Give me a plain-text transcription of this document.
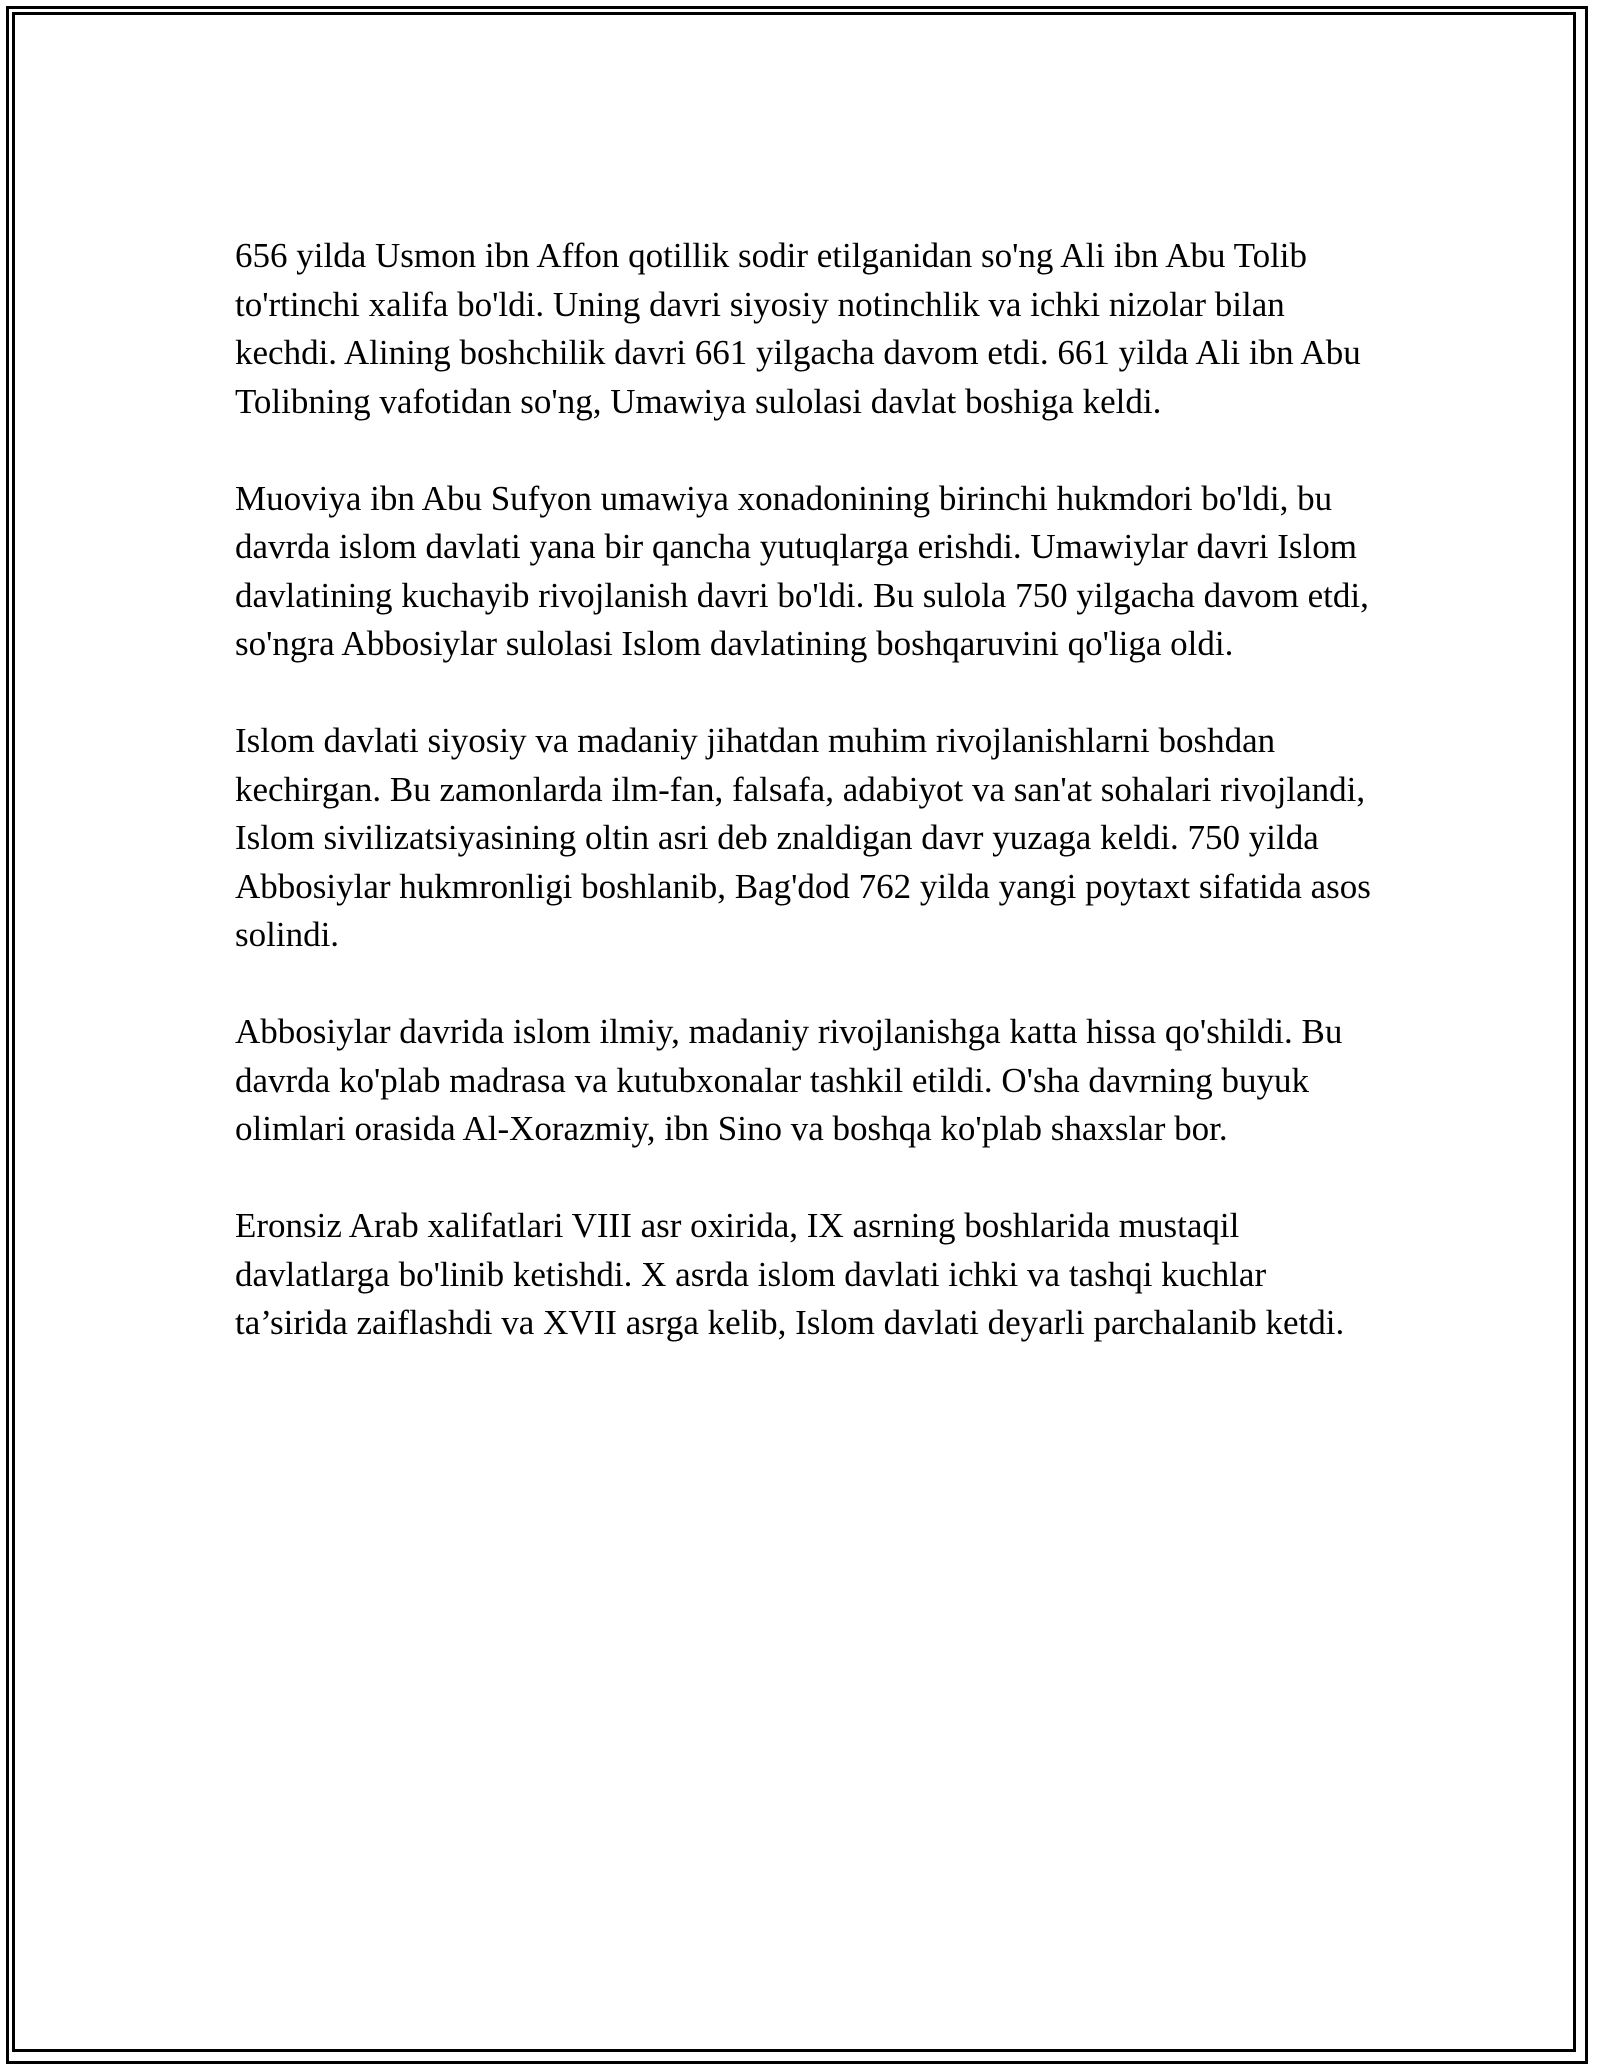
656 yilda Usmon ibn Affon qotillik sodir etilganidan so'ng Ali ibn Abu Tolib to'rtinchi xalifa bo'ldi. Uning davri siyosiy notinchlik va ichki nizolar bilan kechdi. Alining boshchilik davri 661 yilgacha davom etdi. 661 yilda Ali ibn Abu Tolibning vafotidan so'ng, Umawiya sulolasi davlat boshiga keldi.

Muoviya ibn Abu Sufyon umawiya xonadonining birinchi hukmdori bo'ldi, bu davrda islom davlati yana bir qancha yutuqlarga erishdi. Umawiylar davri Islom davlatining kuchayib rivojlanish davri bo'ldi. Bu sulola 750 yilgacha davom etdi, so'ngra Abbosiylar sulolasi Islom davlatining boshqaruvini qo'liga oldi.

Islom davlati siyosiy va madaniy jihatdan muhim rivojlanishlarni boshdan kechirgan. Bu zamonlarda ilm-fan, falsafa, adabiyot va san'at sohalari rivojlandi, Islom sivilizatsiyasining oltin asri deb znaldigan davr yuzaga keldi. 750 yilda Abbosiylar hukmronligi boshlanib, Bag'dod 762 yilda yangi poytaxt sifatida asos solindi.

Abbosiylar davrida islom ilmiy, madaniy rivojlanishga katta hissa qo'shildi. Bu davrda ko'plab madrasa va kutubxonalar tashkil etildi. O'sha davrning buyuk olimlari orasida Al-Xorazmiy, ibn Sino va boshqa ko'plab shaxslar bor.

Eronsiz Arab xalifatlari VIII asr oxirida, IX asrning boshlarida mustaqil davlatlarga bo'linib ketishdi. X asrda islom davlati ichki va tashqi kuchlar ta’sirida zaiflashdi va XVII asrga kelib, Islom davlati deyarli parchalanib ketdi.
